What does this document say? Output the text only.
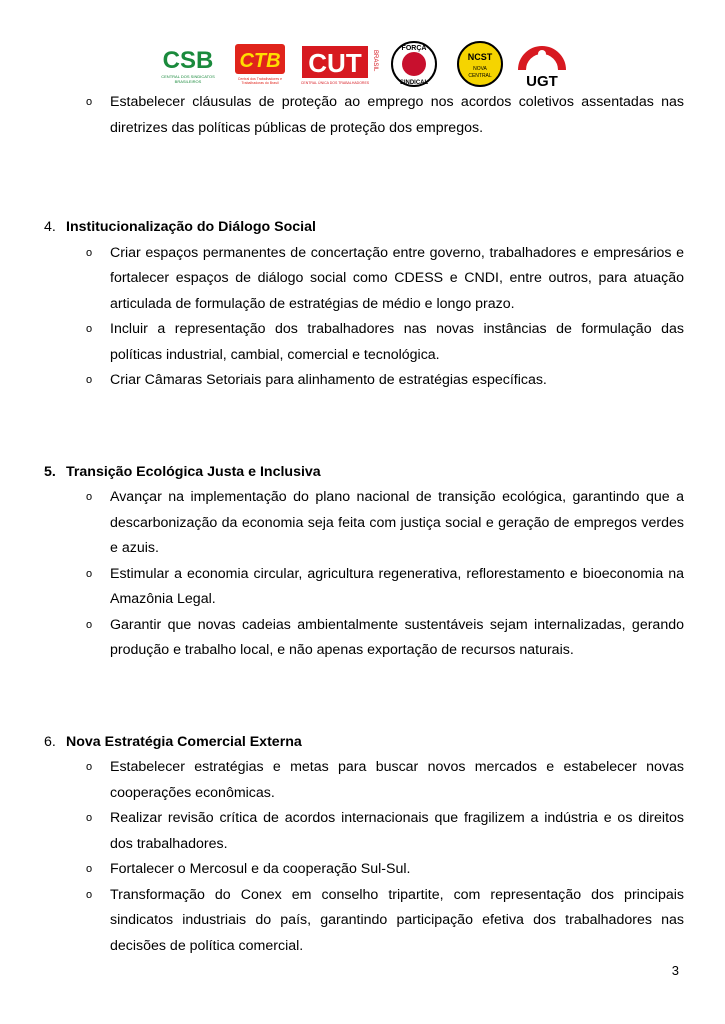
CSB
CENTRAL DOS SINDICATOS
BRASILEIROS
CTB
Central dos Trabalhadores e
Trabalhadoras do Brasil
CUT BRASIL
CENTRAL ÚNICA DOS TRABALHADORES
FORÇA
SINDICAL
NCST
NOVA
CENTRAL UGT
o Estabelecer cláusulas de proteção ao emprego nos acordos coletivos assentadas nas diretrizes das políticas públicas de proteção dos empregos.
4. Institucionalização do Diálogo Social
o Criar espaços permanentes de concertação entre governo, trabalhadores e empresários e fortalecer espaços de diálogo social como CDESS e CNDI, entre outros, para atuação articulada de formulação de estratégias de médio e longo prazo.
o Incluir a representação dos trabalhadores nas novas instâncias de formulação das políticas industrial, cambial, comercial e tecnológica.
o Criar Câmaras Setoriais para alinhamento de estratégias específicas.
5. Transição Ecológica Justa e Inclusiva
o Avançar na implementação do plano nacional de transição ecológica, garantindo que a descarbonização da economia seja feita com justiça social e geração de empregos verdes e azuis.
o Estimular a economia circular, agricultura regenerativa, reflorestamento e bioeconomia na Amazônia Legal.
o Garantir que novas cadeias ambientalmente sustentáveis sejam internalizadas, gerando produção e trabalho local, e não apenas exportação de recursos naturais.
6. Nova Estratégia Comercial Externa
o Estabelecer estratégias e metas para buscar novos mercados e estabelecer novas cooperações econômicas.
o Realizar revisão crítica de acordos internacionais que fragilizem a indústria e os direitos dos trabalhadores.
o Fortalecer o Mercosul e da cooperação Sul-Sul.
o Transformação do Conex em conselho tripartite, com representação dos principais sindicatos industriais do país, garantindo participação efetiva dos trabalhadores nas decisões de política comercial.
3
